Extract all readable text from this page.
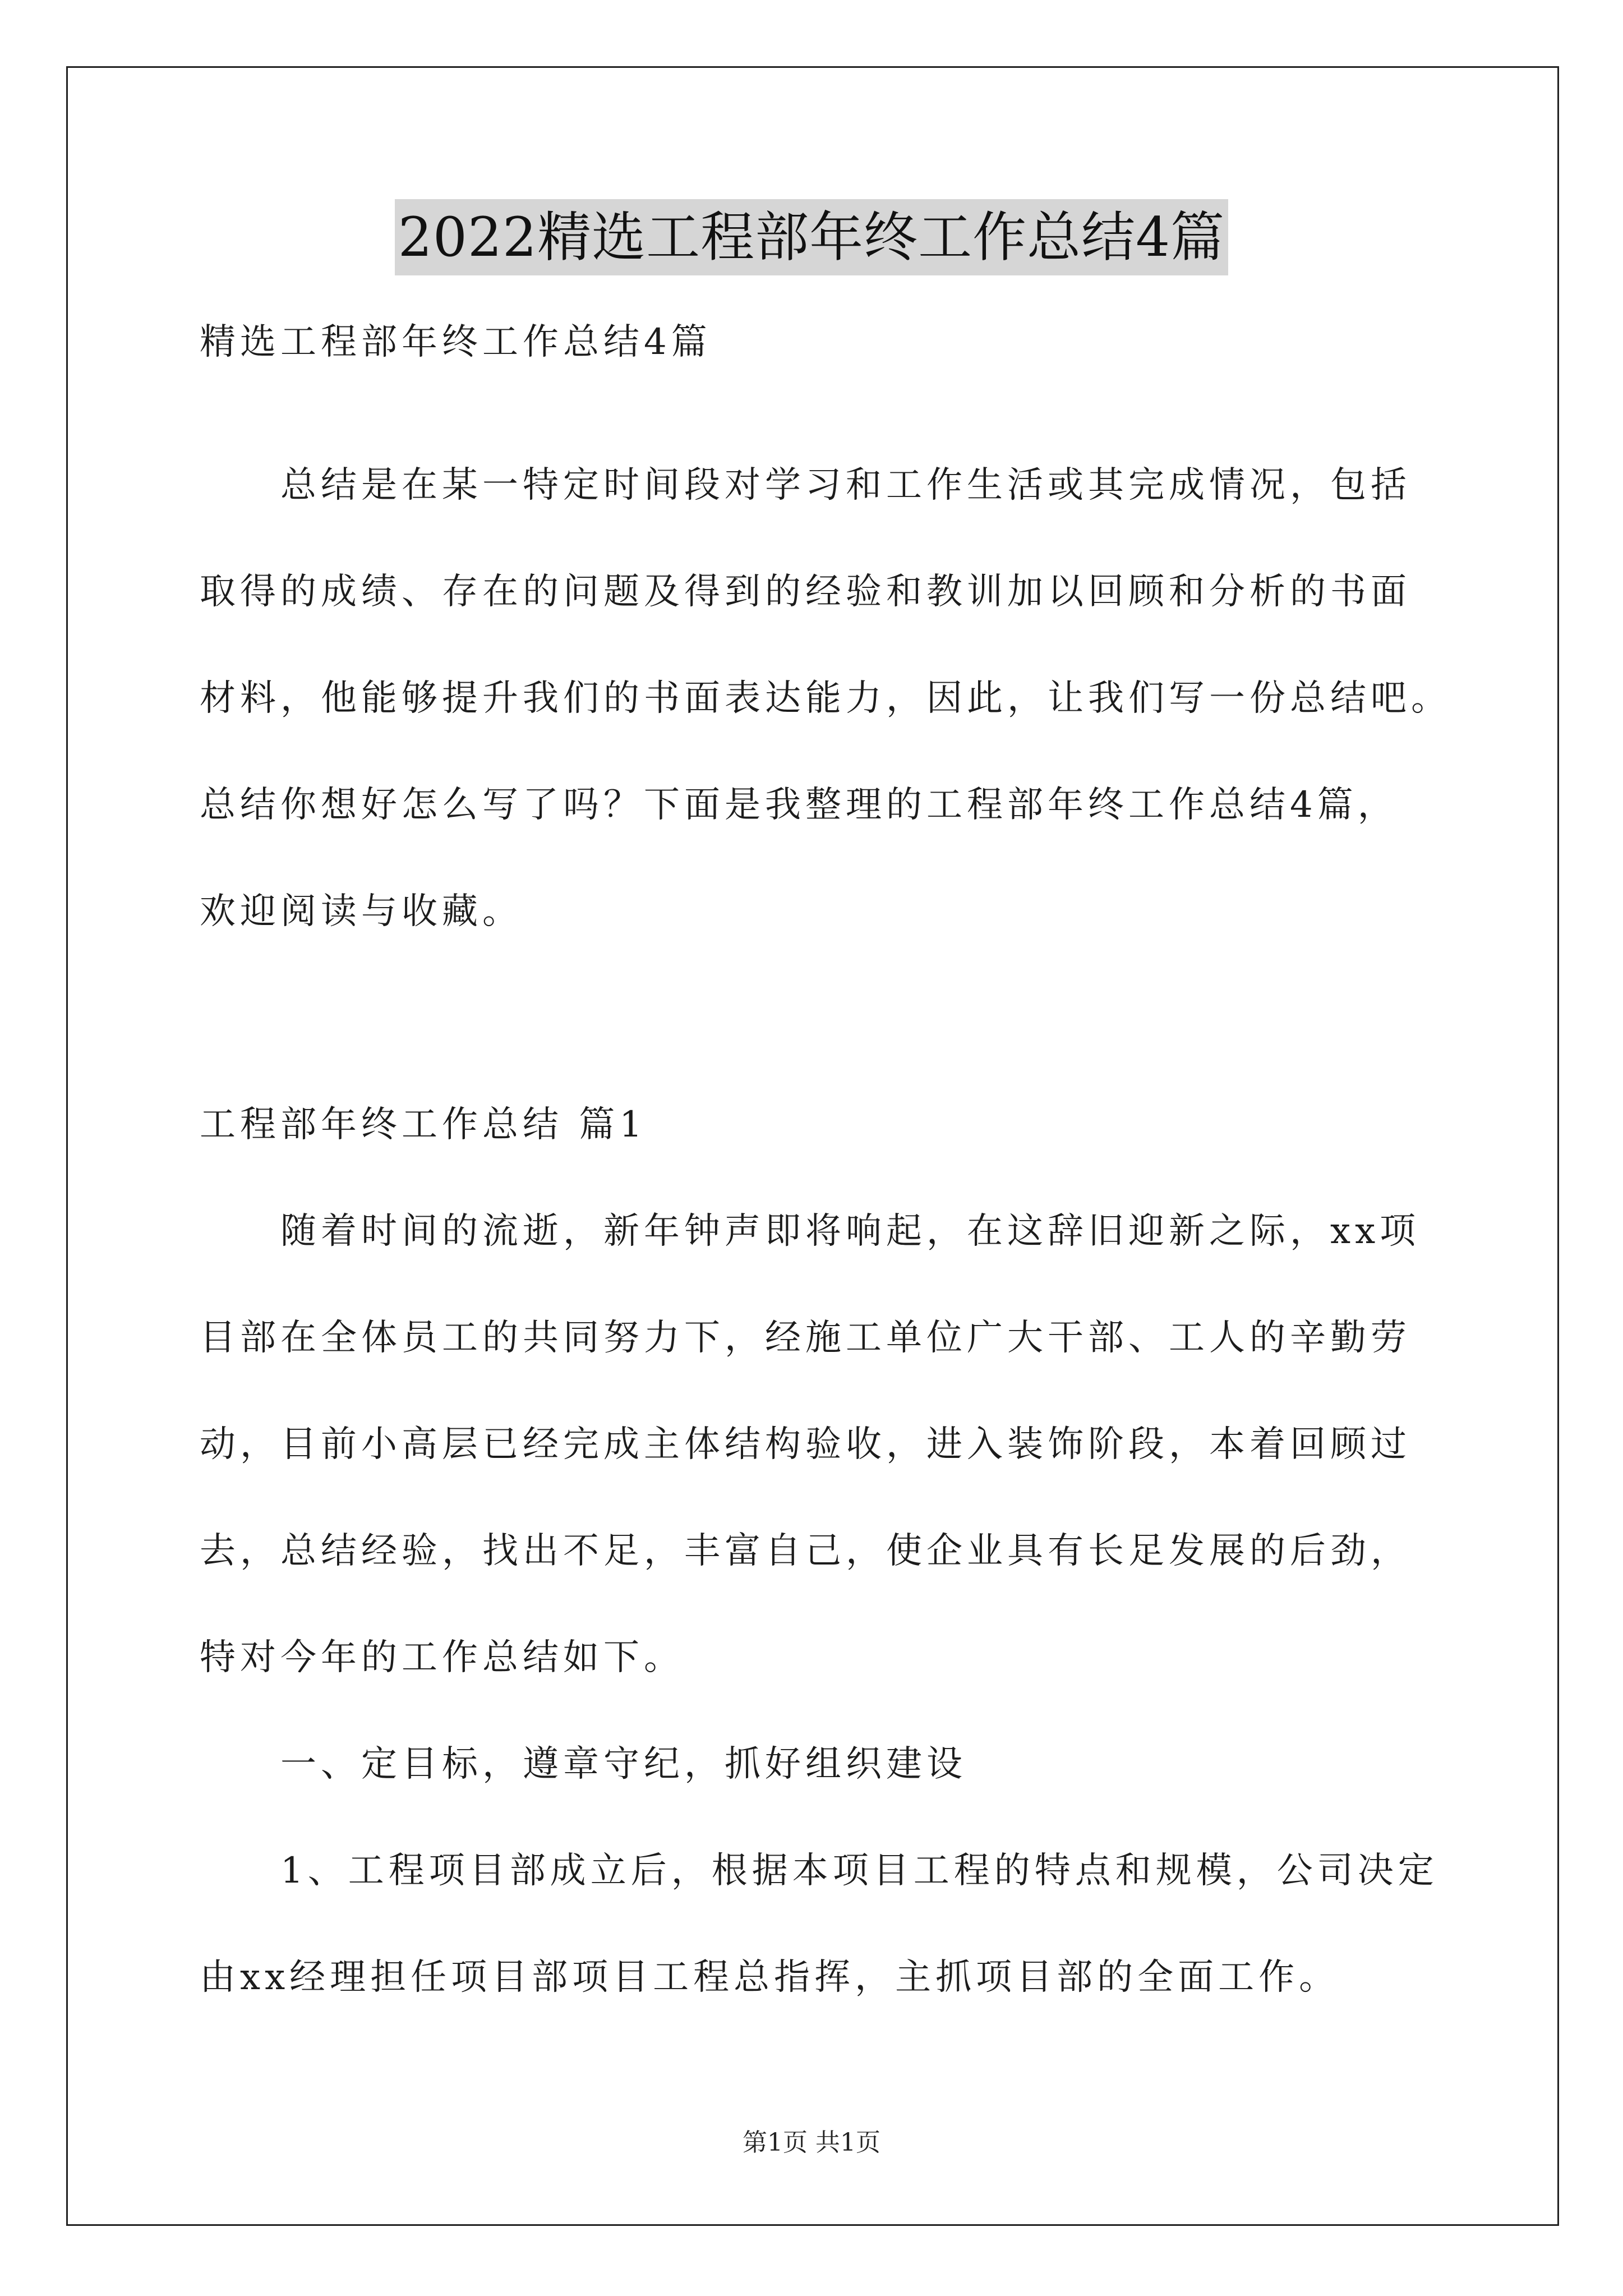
2022精选工程部年终工作总结4篇
精选工程部年终工作总结4篇
总结是在某一特定时间段对学习和工作生活或其完成情况，包括
取得的成绩、存在的问题及得到的经验和教训加以回顾和分析的书面
材料，他能够提升我们的书面表达能力，因此，让我们写一份总结吧。
总结你想好怎么写了吗？下面是我整理的工程部年终工作总结4篇，
欢迎阅读与收藏。
工程部年终工作总结 篇1
随着时间的流逝，新年钟声即将响起，在这辞旧迎新之际，xx项
目部在全体员工的共同努力下，经施工单位广大干部、工人的辛勤劳
动，目前小高层已经完成主体结构验收，进入装饰阶段，本着回顾过
去，总结经验，找出不足，丰富自己，使企业具有长足发展的后劲，
特对今年的工作总结如下。
一、定目标，遵章守纪，抓好组织建设
1、工程项目部成立后，根据本项目工程的特点和规模，公司决定
由xx经理担任项目部项目工程总指挥，主抓项目部的全面工作。
第1页 共1页
